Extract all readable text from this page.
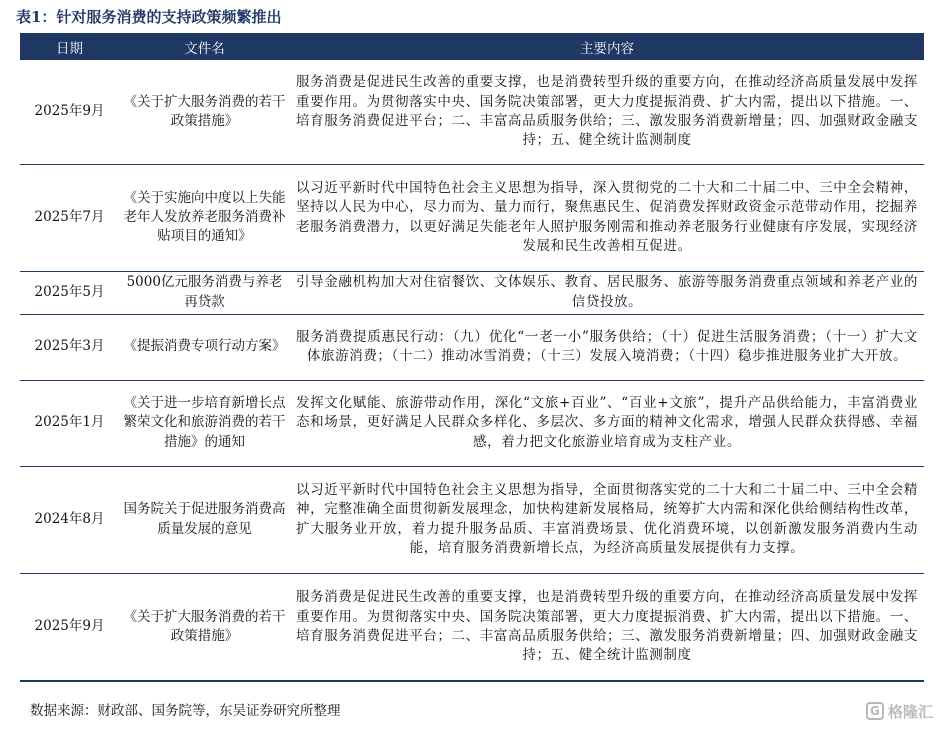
表1：针对服务消费的支持政策频繁推出
日期	文件名	主要内容
2025年9月	《关于扩大服务消费的若干政策措施》	服务消费是促进民生改善的重要支撑，也是消费转型升级的重要方向，在推动经济高质量发展中发挥重要作用。为贯彻落实中央、国务院决策部署，更大力度提振消费、扩大内需，提出以下措施。一、培育服务消费促进平台；二、丰富高品质服务供给；三、激发服务消费新增量；四、加强财政金融支持；五、健全统计监测制度
2025年7月	《关于实施向中度以上失能老年人发放养老服务消费补贴项目的通知》	以习近平新时代中国特色社会主义思想为指导，深入贯彻党的二十大和二十届二中、三中全会精神，坚持以人民为中心，尽力而为、量力而行，聚焦惠民生、促消费发挥财政资金示范带动作用，挖掘养老服务消费潜力，以更好满足失能老年人照护服务刚需和推动养老服务行业健康有序发展，实现经济发展和民生改善相互促进。
2025年5月	5000亿元服务消费与养老再贷款	引导金融机构加大对住宿餐饮、文体娱乐、教育、居民服务、旅游等服务消费重点领域和养老产业的信贷投放。
2025年3月	《提振消费专项行动方案》	服务消费提质惠民行动：（九）优化“一老一小”服务供给；（十）促进生活服务消费；（十一）扩大文体旅游消费；（十二）推动冰雪消费；（十三）发展入境消费；（十四）稳步推进服务业扩大开放。
2025年1月	《关于进一步培育新增长点繁荣文化和旅游消费的若干措施》的通知	发挥文化赋能、旅游带动作用，深化“文旅+百业”、“百业+文旅”，提升产品供给能力，丰富消费业态和场景，更好满足人民群众多样化、多层次、多方面的精神文化需求，增强人民群众获得感、幸福感，着力把文化旅游业培育成为支柱产业。
2024年8月	国务院关于促进服务消费高质量发展的意见	以习近平新时代中国特色社会主义思想为指导，全面贯彻落实党的二十大和二十届二中、三中全会精神，完整准确全面贯彻新发展理念，加快构建新发展格局，统筹扩大内需和深化供给侧结构性改革，扩大服务业开放，着力提升服务品质、丰富消费场景、优化消费环境，以创新激发服务消费内生动能，培育服务消费新增长点，为经济高质量发展提供有力支撑。
2025年9月	《关于扩大服务消费的若干政策措施》	服务消费是促进民生改善的重要支撑，也是消费转型升级的重要方向，在推动经济高质量发展中发挥重要作用。为贯彻落实中央、国务院决策部署，更大力度提振消费、扩大内需，提出以下措施。一、培育服务消费促进平台；二、丰富高品质服务供给；三、激发服务消费新增量；四、加强财政金融支持；五、健全统计监测制度
数据来源：财政部、国务院等，东吴证券研究所整理	G 格隆汇
